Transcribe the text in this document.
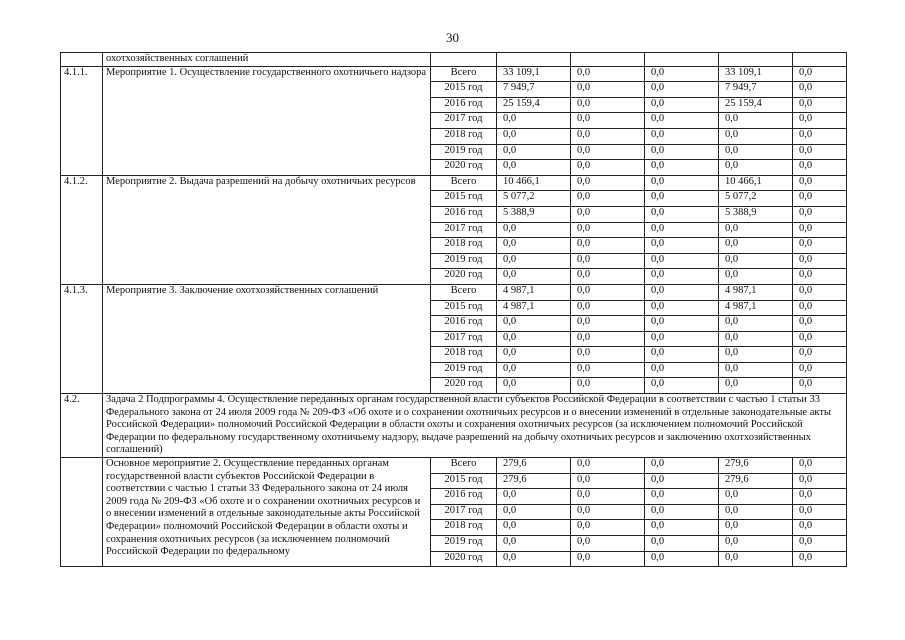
30
	охотхозяйственных соглашений							
4.1.1.	Мероприятие 1. Осуществление государственного охотничьего надзора	Всего	33 109,1	0,0	0,0	33 109,1	0,0	
		2015 год	7 949,7	0,0	0,0	7 949,7	0,0	
		2016 год	25 159,4	0,0	0,0	25 159,4	0,0	
		2017 год	0,0	0,0	0,0	0,0	0,0	
		2018 год	0,0	0,0	0,0	0,0	0,0	
		2019 год	0,0	0,0	0,0	0,0	0,0	
		2020 год	0,0	0,0	0,0	0,0	0,0	
4.1.2.	Мероприятие 2. Выдача разрешений на добычу охотничьих ресурсов	Всего	10 466,1	0,0	0,0	10 466,1	0,0	
		2015 год	5 077,2	0,0	0,0	5 077,2	0,0	
		2016 год	5 388,9	0,0	0,0	5 388,9	0,0	
		2017 год	0,0	0,0	0,0	0,0	0,0	
		2018 год	0,0	0,0	0,0	0,0	0,0	
		2019 год	0,0	0,0	0,0	0,0	0,0	
		2020 год	0,0	0,0	0,0	0,0	0,0	
4.1.3.	Мероприятие 3. Заключение охотхозяйственных соглашений	Всего	4 987,1	0,0	0,0	4 987,1	0,0	
		2015 год	4 987,1	0,0	0,0	4 987,1	0,0	
		2016 год	0,0	0,0	0,0	0,0	0,0	
		2017 год	0,0	0,0	0,0	0,0	0,0	
		2018 год	0,0	0,0	0,0	0,0	0,0	
		2019 год	0,0	0,0	0,0	0,0	0,0	
		2020 год	0,0	0,0	0,0	0,0	0,0	
4.2.	Задача 2 Подпрограммы 4. Осуществление переданных органам государственной власти субъектов Российской Федерации в соответствии с частью 1 статьи 33 Федерального закона от 24 июля 2009 года № 209-ФЗ «Об охоте и о сохранении охотничьих ресурсов и о внесении изменений в отдельные законодательные акты Российской Федерации» полномочий Российской Федерации в области охоты и сохранения охотничьих ресурсов (за исключением полномочий Российской Федерации по федеральному государственному охотничьему надзору, выдаче разрешений на добычу охотничьих ресурсов и заключению охотхозяйственных соглашений)							
	Основное мероприятие 2. Осуществление переданных органам государственной власти субъектов Российской Федерации в соответствии с частью 1 статьи 33 Федерального закона от 24 июля 2009 года № 209-ФЗ «Об охоте и о сохранении охотничьих ресурсов и о внесении изменений в отдельные законодательные акты Российской Федерации» полномочий Российской Федерации в области охоты и сохранения охотничьих ресурсов (за исключением полномочий Российской Федерации по федеральному	Всего	279,6	0,0	0,0	279,6	0,0	
		2015 год	279,6	0,0	0,0	279,6	0,0	
		2016 год	0,0	0,0	0,0	0,0	0,0	
		2017 год	0,0	0,0	0,0	0,0	0,0	
		2018 год	0,0	0,0	0,0	0,0	0,0	
		2019 год	0,0	0,0	0,0	0,0	0,0	
		2020 год	0,0	0,0	0,0	0,0	0,0	
